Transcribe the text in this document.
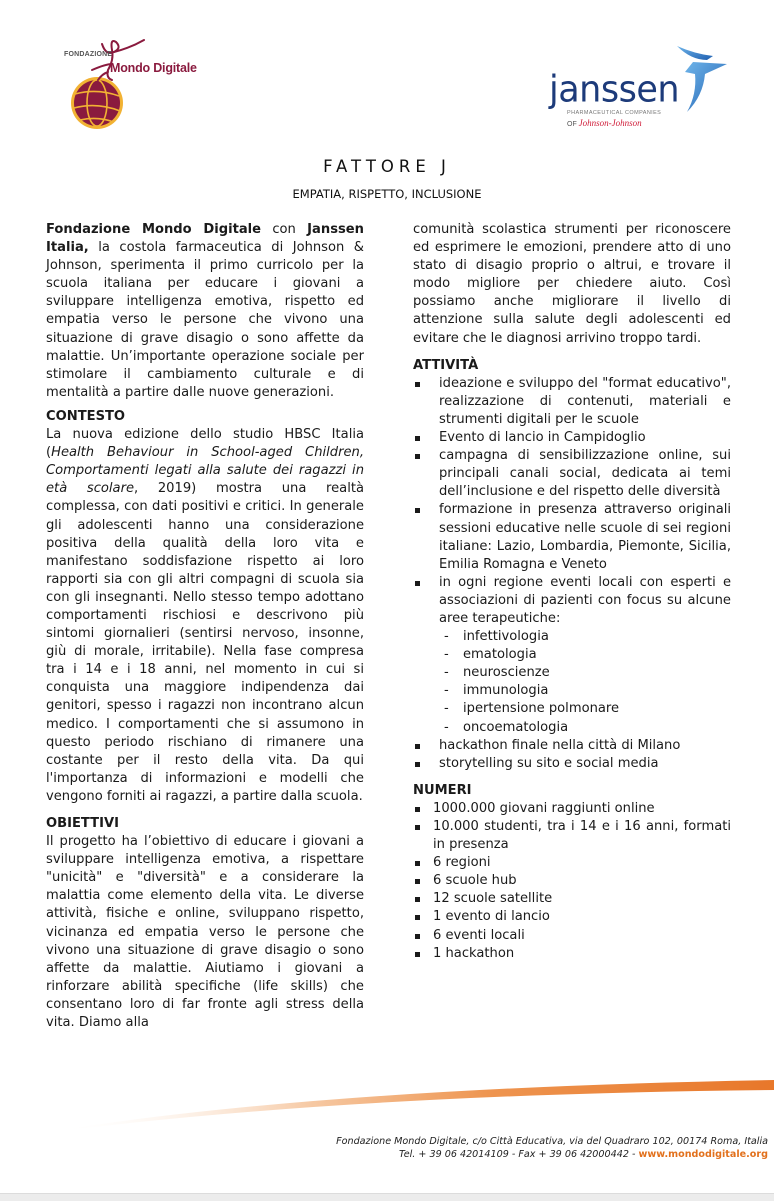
FONDAZIONE
Mondo Digitale
janssen
PHARMACEUTICAL COMPANIES
OF Johnson-Johnson
FATTORE J
EMPATIA, RISPETTO, INCLUSIONE

Fondazione Mondo Digitale con Janssen Italia, la costola farmaceutica di Johnson & Johnson, sperimenta il primo curricolo per la scuola italiana per educare i giovani a sviluppare intelligenza emotiva, rispetto ed empatia verso le persone che vivono una situazione di grave disagio o sono affette da malattie. Un’importante operazione sociale per stimolare il cambiamento culturale e di mentalità a partire dalle nuove generazioni.

CONTESTO

La nuova edizione dello studio HBSC Italia (Health Behaviour in School-aged Children, Comportamenti legati alla salute dei ragazzi in età scolare, 2019) mostra una realtà complessa, con dati positivi e critici. In generale gli adolescenti hanno una considerazione positiva della qualità della loro vita e manifestano soddisfazione rispetto ai loro rapporti sia con gli altri compagni di scuola sia con gli insegnanti. Nello stesso tempo adottano comportamenti rischiosi e descrivono più sintomi giornalieri (sentirsi nervoso, insonne, giù di morale, irritabile). Nella fase compresa tra i 14 e i 18 anni, nel momento in cui si conquista una maggiore indipendenza dai genitori, spesso i ragazzi non incontrano alcun medico. I comportamenti che si assumono in questo periodo rischiano di rimanere una costante per il resto della vita. Da qui l'importanza di informazioni e modelli che vengono forniti ai ragazzi, a partire dalla scuola.

OBIETTIVI

Il progetto ha l’obiettivo di educare i giovani a sviluppare intelligenza emotiva, a rispettare "unicità" e "diversità" e a considerare la malattia come elemento della vita. Le diverse attività, fisiche e online, sviluppano rispetto, vicinanza ed empatia verso le persone che vivono una situazione di grave disagio o sono affette da malattie. Aiutiamo i giovani a rinforzare abilità specifiche (life skills) che consentano loro di far fronte agli stress della vita. Diamo alla

comunità scolastica strumenti per riconoscere ed esprimere le emozioni, prendere atto di uno stato di disagio proprio o altrui, e trovare il modo migliore per chiedere aiuto. Così possiamo anche migliorare il livello di attenzione sulla salute degli adolescenti ed evitare che le diagnosi arrivino troppo tardi.

ATTIVITÀ
ideazione e sviluppo del "format educativo", realizzazione di contenuti, materiali e strumenti digitali per le scuole
Evento di lancio in Campidoglio
campagna di sensibilizzazione online, sui principali canali social, dedicata ai temi dell’inclusione e del rispetto delle diversità
formazione in presenza attraverso originali sessioni educative nelle scuole di sei regioni italiane: Lazio, Lombardia, Piemonte, Sicilia, Emilia Romagna e Veneto
in ogni regione eventi locali con esperti e associazioni di pazienti con focus su alcune aree terapeutiche:
- infettivologia
- ematologia
- neuroscienze
- immunologia
- ipertensione polmonare
- oncoematologia
hackathon finale nella città di Milano
storytelling su sito e social media
NUMERI
1000.000 giovani raggiunti online
10.000 studenti, tra i 14 e i 16 anni, formati in presenza
6 regioni
6 scuole hub
12 scuole satellite
1 evento di lancio
6 eventi locali
1 hackathon
Fondazione Mondo Digitale, c/o Città Educativa, via del Quadraro 102, 00174 Roma, Italia
Tel. + 39 06 42014109 - Fax + 39 06 42000442 - www.mondodigitale.org
